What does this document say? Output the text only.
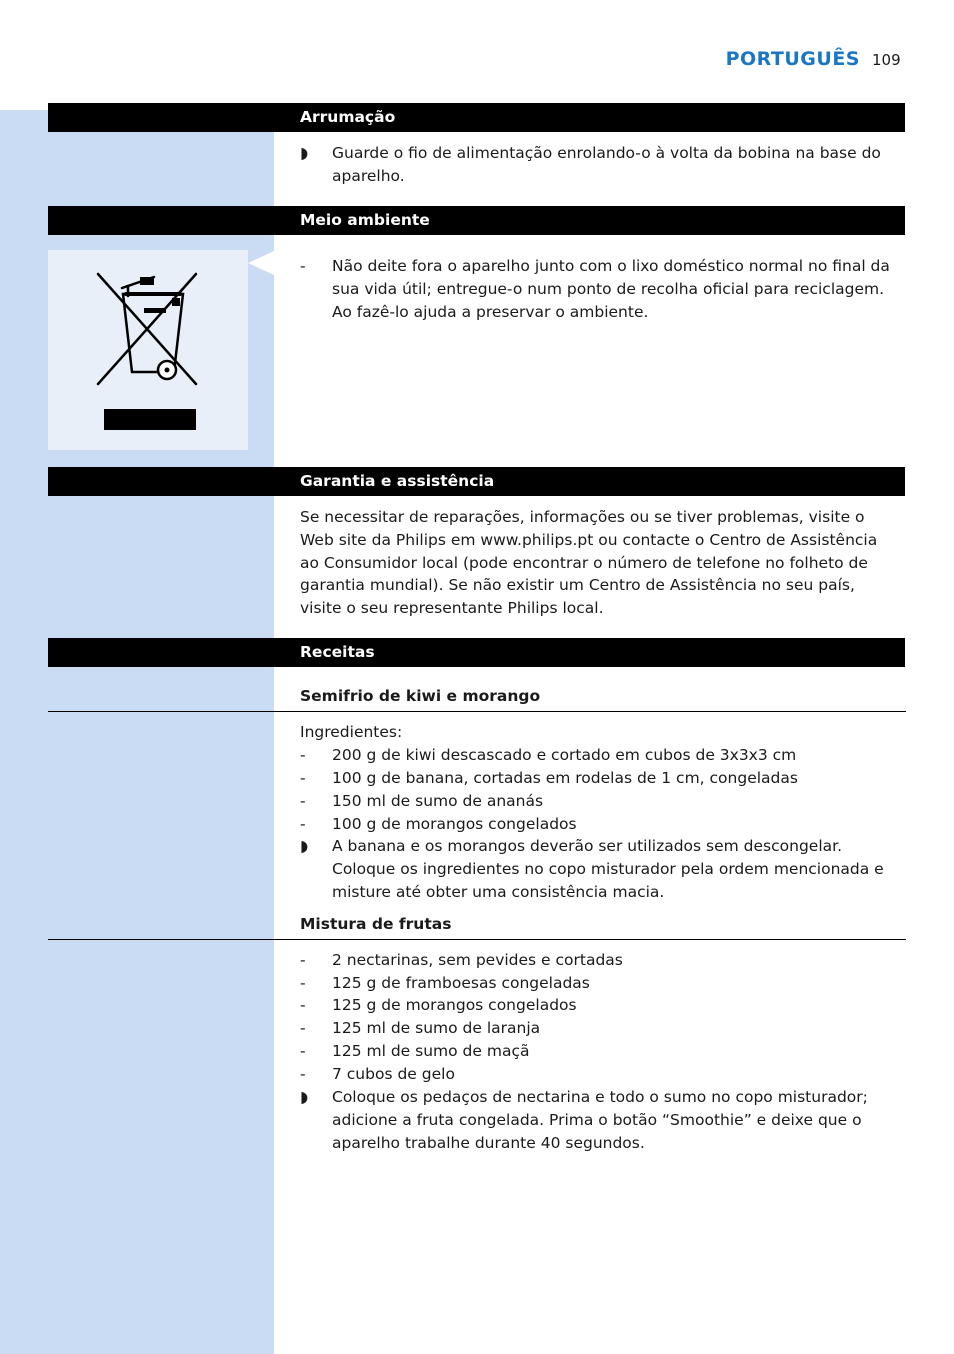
PORTUGUÊS 109
Arrumação
◗ Guarde o fio de alimentação enrolando-o à volta da bobina na base do aparelho.
Meio ambiente
- Não deite fora o aparelho junto com o lixo doméstico normal no final da sua vida útil; entregue-o num ponto de recolha oficial para reciclagem. Ao fazê-lo ajuda a preservar o ambiente.
Garantia e assistência
Se necessitar de reparações, informações ou se tiver problemas, visite o Web site da Philips em www.philips.pt ou contacte o Centro de Assistência ao Consumidor local (pode encontrar o número de telefone no folheto de garantia mundial). Se não existir um Centro de Assistência no seu país, visite o seu representante Philips local.
Receitas
Semifrio de kiwi e morango
Ingredientes:
- 200 g de kiwi descascado e cortado em cubos de 3x3x3 cm
- 100 g de banana, cortadas em rodelas de 1 cm, congeladas
- 150 ml de sumo de ananás
- 100 g de morangos congelados
◗ A banana e os morangos deverão ser utilizados sem descongelar. Coloque os ingredientes no copo misturador pela ordem mencionada e misture até obter uma consistência macia.
Mistura de frutas
- 2 nectarinas, sem pevides e cortadas
- 125 g de framboesas congeladas
- 125 g de morangos congelados
- 125 ml de sumo de laranja
- 125 ml de sumo de maçã
- 7 cubos de gelo
◗ Coloque os pedaços de nectarina e todo o sumo no copo misturador; adicione a fruta congelada. Prima o botão “Smoothie” e deixe que o aparelho trabalhe durante 40 segundos.
